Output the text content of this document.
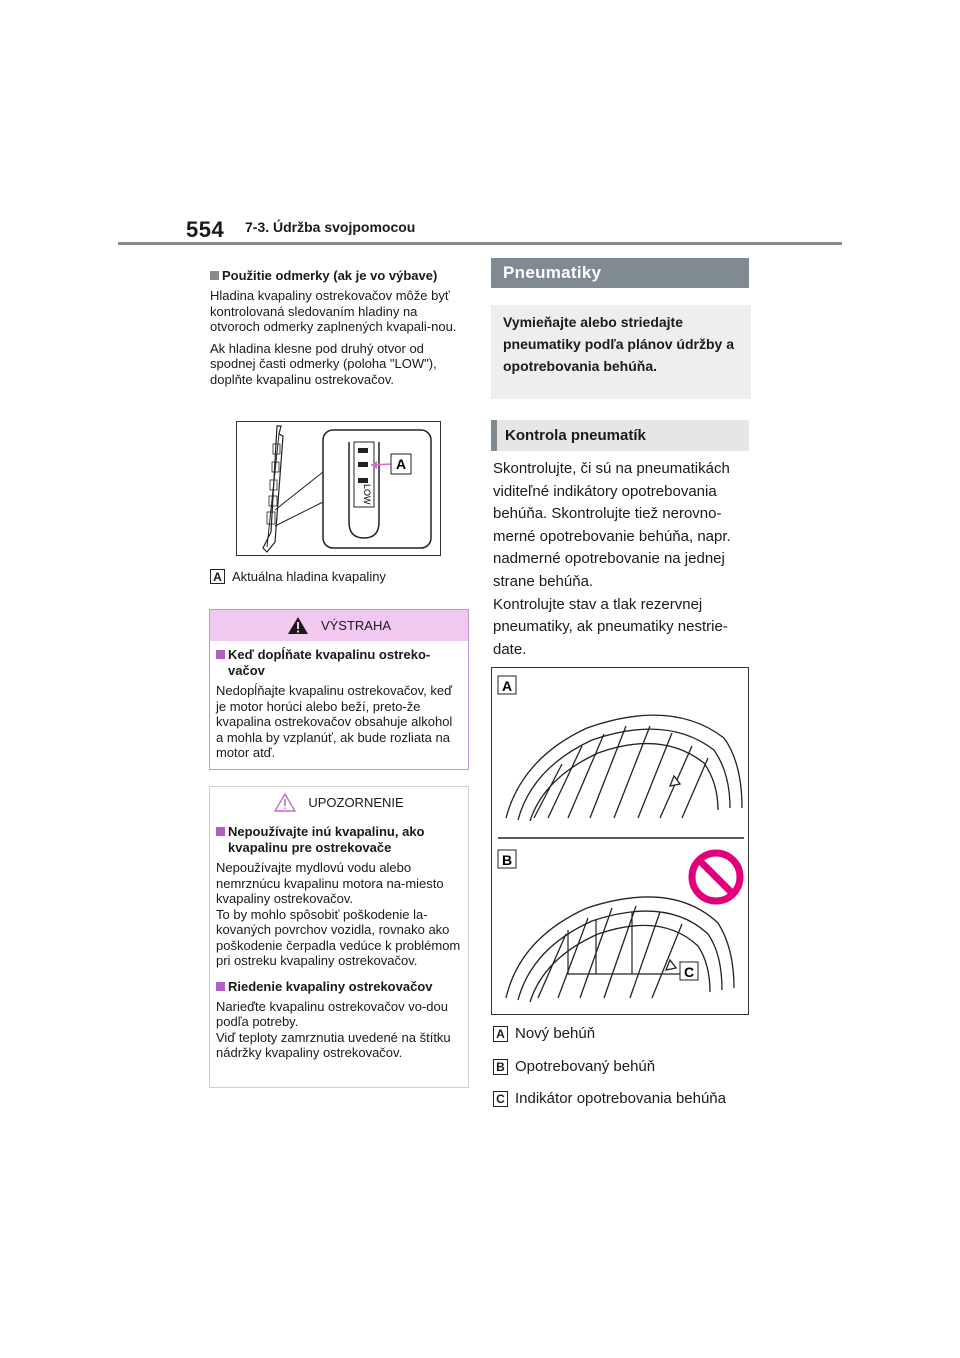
554 7-3. Údržba svojpomocou
Použitie odmerky (ak je vo výbave)
Hladina kvapaliny ostrekovačov môže byť kontrolovaná sledovaním hladiny na otvoroch odmerky zaplnených kvapali-nou.
Ak hladina klesne pod druhý otvor od spodnej časti odmerky (poloha "LOW"), doplňte kvapalinu ostrekovačov.
LOW
A
A Aktuálna hladina kvapaliny
VÝSTRAHA
Keď dopĺňate kvapalinu ostreko-vačov
Nedopĺňajte kvapalinu ostrekovačov, keď je motor horúci alebo beží, preto-že kvapalina ostrekovačov obsahuje alkohol a mohla by vzplanúť, ak bude rozliata na motor atď.
UPOZORNENIE
Nepoužívajte inú kvapalinu, ako kvapalinu pre ostrekovače
Nepoužívajte mydlovú vodu alebo nemrznúcu kvapalinu motora na-miesto kvapaliny ostrekovačov.
To by mohlo spôsobiť poškodenie la-kovaných povrchov vozidla, rovnako ako poškodenie čerpadla vedúce k problémom pri ostreku kvapaliny ostrekovačov.
Riedenie kvapaliny ostrekovačov
Narieďte kvapalinu ostrekovačov vo-dou podľa potreby.
Viď teploty zamrznutia uvedené na štítku nádržky kvapaliny ostrekovačov.
Pneumatiky
Vymieňajte alebo striedajte pneumatiky podľa plánov údržby a opotrebovania behúňa.
Kontrola pneumatík
Skontrolujte, či sú na pneumatikách viditeľné indikátory opotrebovania behúňa. Skontrolujte tiež nerovno-merné opotrebovanie behúňa, napr. nadmerné opotrebovanie na jednej strane behúňa.
Kontrolujte stav a tlak rezervnej pneumatiky, ak pneumatiky nestrie-date.
A
B
C
A Nový behúň
B Opotrebovaný behúň
C Indikátor opotrebovania behúňa
